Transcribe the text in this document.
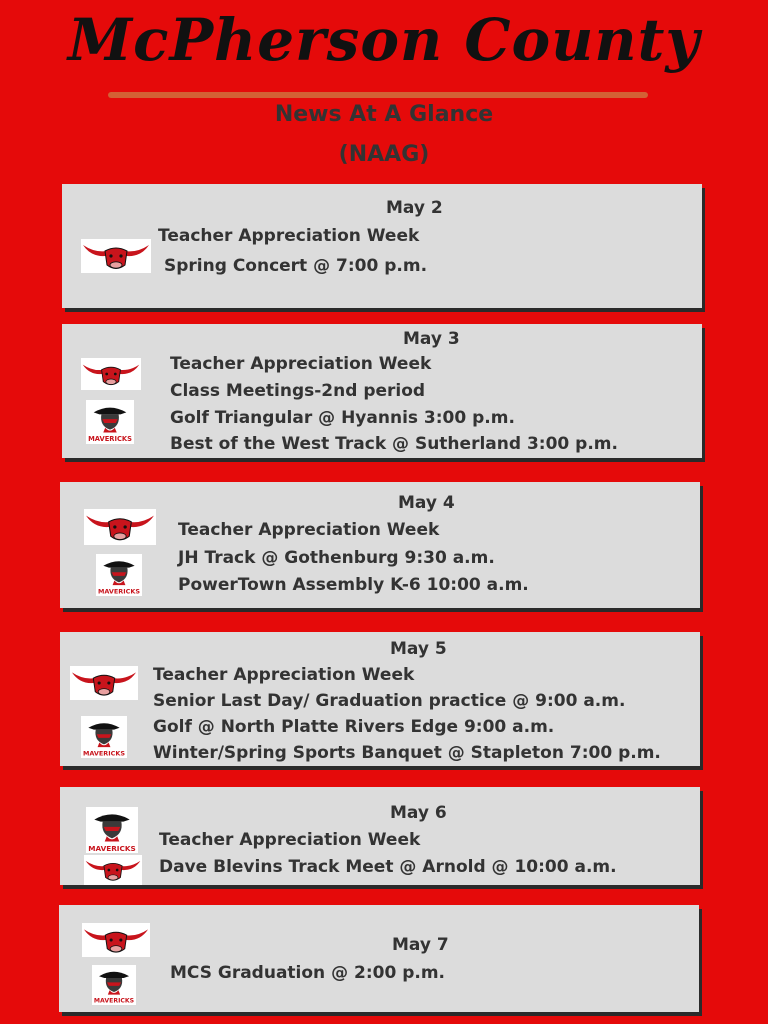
McPherson County
News At A Glance
(NAAG)
May 2
Teacher Appreciation Week
Spring Concert @ 7:00 p.m.
May 3
Teacher Appreciation Week
Class Meetings-2nd period
Golf Triangular @ Hyannis 3:00 p.m.
Best of the West Track @ Sutherland 3:00 p.m.
May 4
Teacher Appreciation Week
JH Track @ Gothenburg 9:30 a.m.
PowerTown Assembly K-6 10:00 a.m.
May 5
Teacher Appreciation Week
Senior Last Day/ Graduation practice @ 9:00 a.m.
Golf @ North Platte Rivers Edge 9:00 a.m.
Winter/Spring Sports Banquet @ Stapleton 7:00 p.m.
May 6
Teacher Appreciation Week
Dave Blevins Track Meet @ Arnold @ 10:00 a.m.
May 7
MCS Graduation @ 2:00 p.m.
